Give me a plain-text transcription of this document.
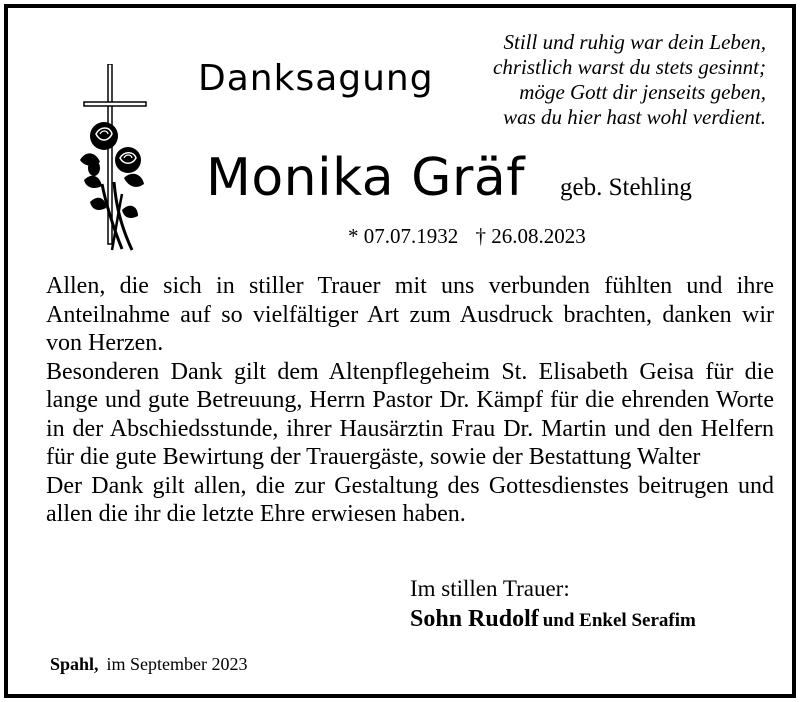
Still und ruhig war dein Leben,
christlich warst du stets gesinnt;
möge Gott dir jenseits geben,
was du hier hast wohl verdient.
Danksagung
Monika Gräf geb. Stehling
* 07.07.1932 † 26.08.2023

Allen, die sich in stiller Trauer mit uns verbunden fühlten und ihre Anteilnahme auf so vielfältiger Art zum Ausdruck brachten, danken wir von Herzen.

Besonderen Dank gilt dem Altenpflegeheim St. Elisabeth Geisa für die lange und gute Betreuung, Herrn Pastor Dr. Kämpf für die ehrenden Worte in der Abschiedsstunde, ihrer Hausärztin Frau Dr. Martin und den Helfern für die gute Bewirtung der Trauergäste, sowie der Bestattung Walter

Der Dank gilt allen, die zur Gestaltung des Gottesdienstes beitrugen und allen die ihr die letzte Ehre erwiesen haben.

Im stillen Trauer:
Sohn Rudolf und Enkel Serafim
Spahl, im September 2023
